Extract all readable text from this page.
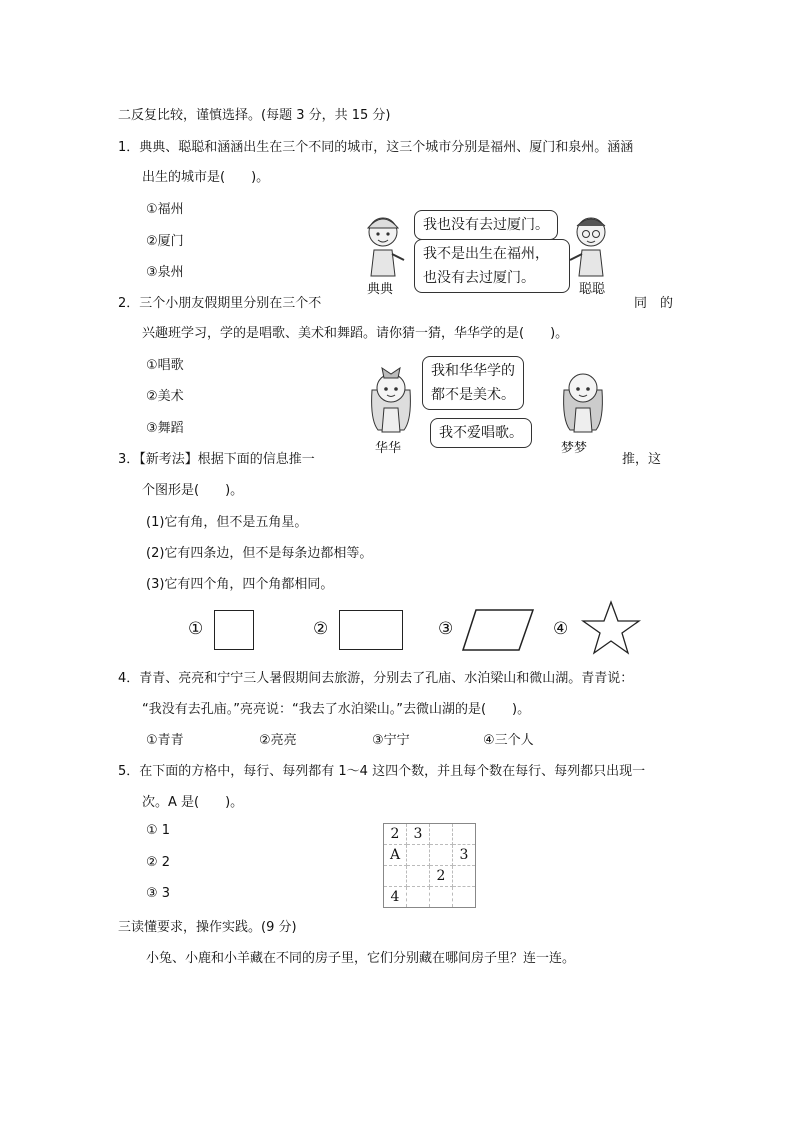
二反复比较，谨慎选择。(每题 3 分，共 15 分)
1．典典、聪聪和涵涵出生在三个不同的城市，这三个城市分别是福州、厦门和泉州。涵涵
出生的城市是(　　)。
①福州
②厦门
③泉州
典典
我也没有去过厦门。
我不是出生在福州，
也没有去过厦门。
聪聪
2．三个小朋友假期里分别在三个不	同　的
兴趣班学习，学的是唱歌、美术和舞蹈。请你猜一猜，华华学的是(　　)。
①唱歌
②美术
③舞蹈
华华
我和华华学的
都不是美术。
我不爱唱歌。
梦梦
3．【新考法】根据下面的信息推一	推，这
个图形是(　　)。
(1)它有角，但不是五角星。
(2)它有四条边，但不是每条边都相等。
(3)它有四个角，四个角都相同。
①	②	③	④
4．青青、亮亮和宁宁三人暑假期间去旅游，分别去了孔庙、水泊梁山和微山湖。青青说：
“我没有去孔庙。”亮亮说：“我去了水泊梁山。”去微山湖的是(　　)。
①青青	②亮亮	③宁宁	④三个人
5．在下面的方格中，每行、每列都有 1～4 这四个数，并且每个数在每行、每列都只出现一
次。A 是(　　)。
① 1
② 2
③ 3
2	3		
A			3
		2	
4			
三读懂要求，操作实践。(9 分)
小兔、小鹿和小羊藏在不同的房子里，它们分别藏在哪间房子里？连一连。
